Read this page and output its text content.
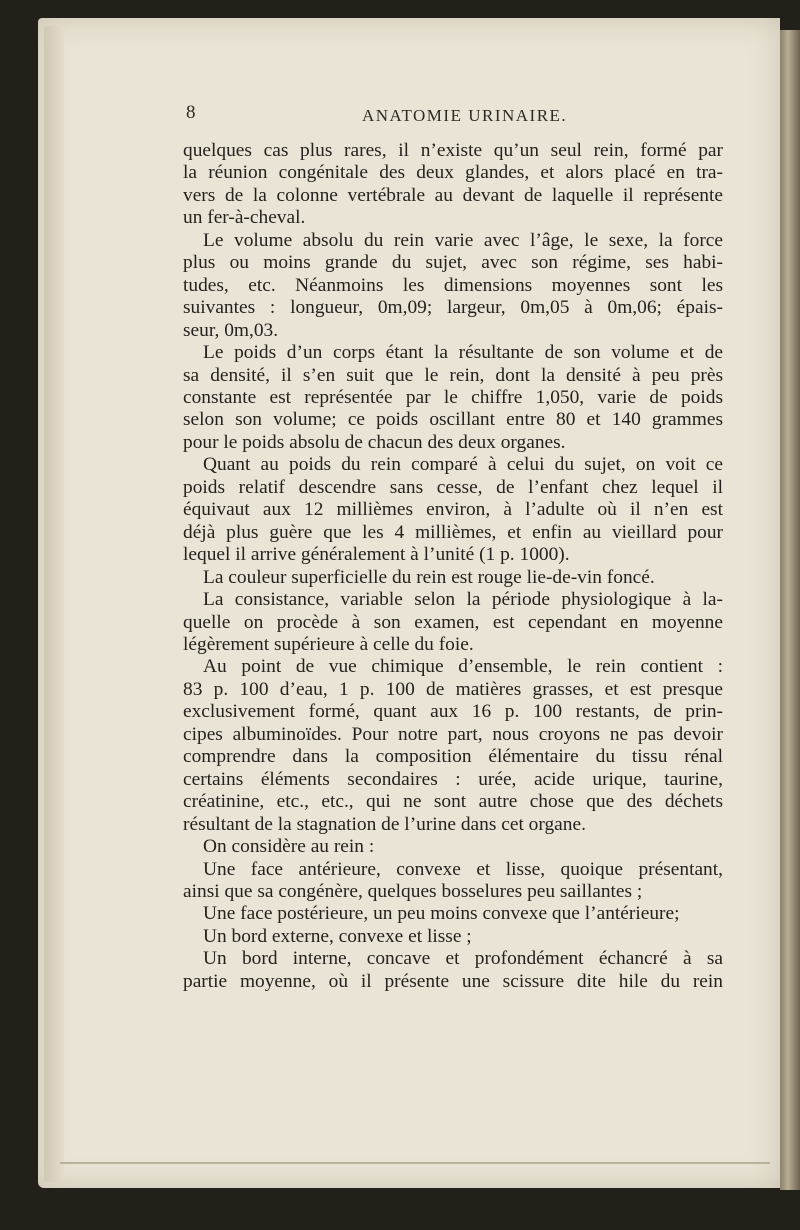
8	ANATOMIE URINAIRE.
quelques cas plus rares, il n’existe qu’un seul rein, formé par
la réunion congénitale des deux glandes, et alors placé en tra-
vers de la colonne vertébrale au devant de laquelle il représente
un fer-à-cheval.
Le volume absolu du rein varie avec l’âge, le sexe, la force
plus ou moins grande du sujet, avec son régime, ses habi-
tudes, etc. Néanmoins les dimensions moyennes sont les
suivantes : longueur, 0m,09; largeur, 0m,05 à 0m,06; épais-
seur, 0m,03.
Le poids d’un corps étant la résultante de son volume et de
sa densité, il s’en suit que le rein, dont la densité à peu près
constante est représentée par le chiffre 1,050, varie de poids
selon son volume; ce poids oscillant entre 80 et 140 grammes
pour le poids absolu de chacun des deux organes.
Quant au poids du rein comparé à celui du sujet, on voit ce
poids relatif descendre sans cesse, de l’enfant chez lequel il
équivaut aux 12 millièmes environ, à l’adulte où il n’en est
déjà plus guère que les 4 millièmes, et enfin au vieillard pour
lequel il arrive généralement à l’unité (1 p. 1000).
La couleur superficielle du rein est rouge lie-de-vin foncé.
La consistance, variable selon la période physiologique à la-
quelle on procède à son examen, est cependant en moyenne
légèrement supérieure à celle du foie.
Au point de vue chimique d’ensemble, le rein contient :
83 p. 100 d’eau, 1 p. 100 de matières grasses, et est presque
exclusivement formé, quant aux 16 p. 100 restants, de prin-
cipes albuminoïdes. Pour notre part, nous croyons ne pas devoir
comprendre dans la composition élémentaire du tissu rénal
certains éléments secondaires : urée, acide urique, taurine,
créatinine, etc., etc., qui ne sont autre chose que des déchets
résultant de la stagnation de l’urine dans cet organe.
On considère au rein :
Une face antérieure, convexe et lisse, quoique présentant,
ainsi que sa congénère, quelques bosselures peu saillantes ;
Une face postérieure, un peu moins convexe que l’antérieure;
Un bord externe, convexe et lisse ;
Un bord interne, concave et profondément échancré à sa
partie moyenne, où il présente une scissure dite hile du rein
